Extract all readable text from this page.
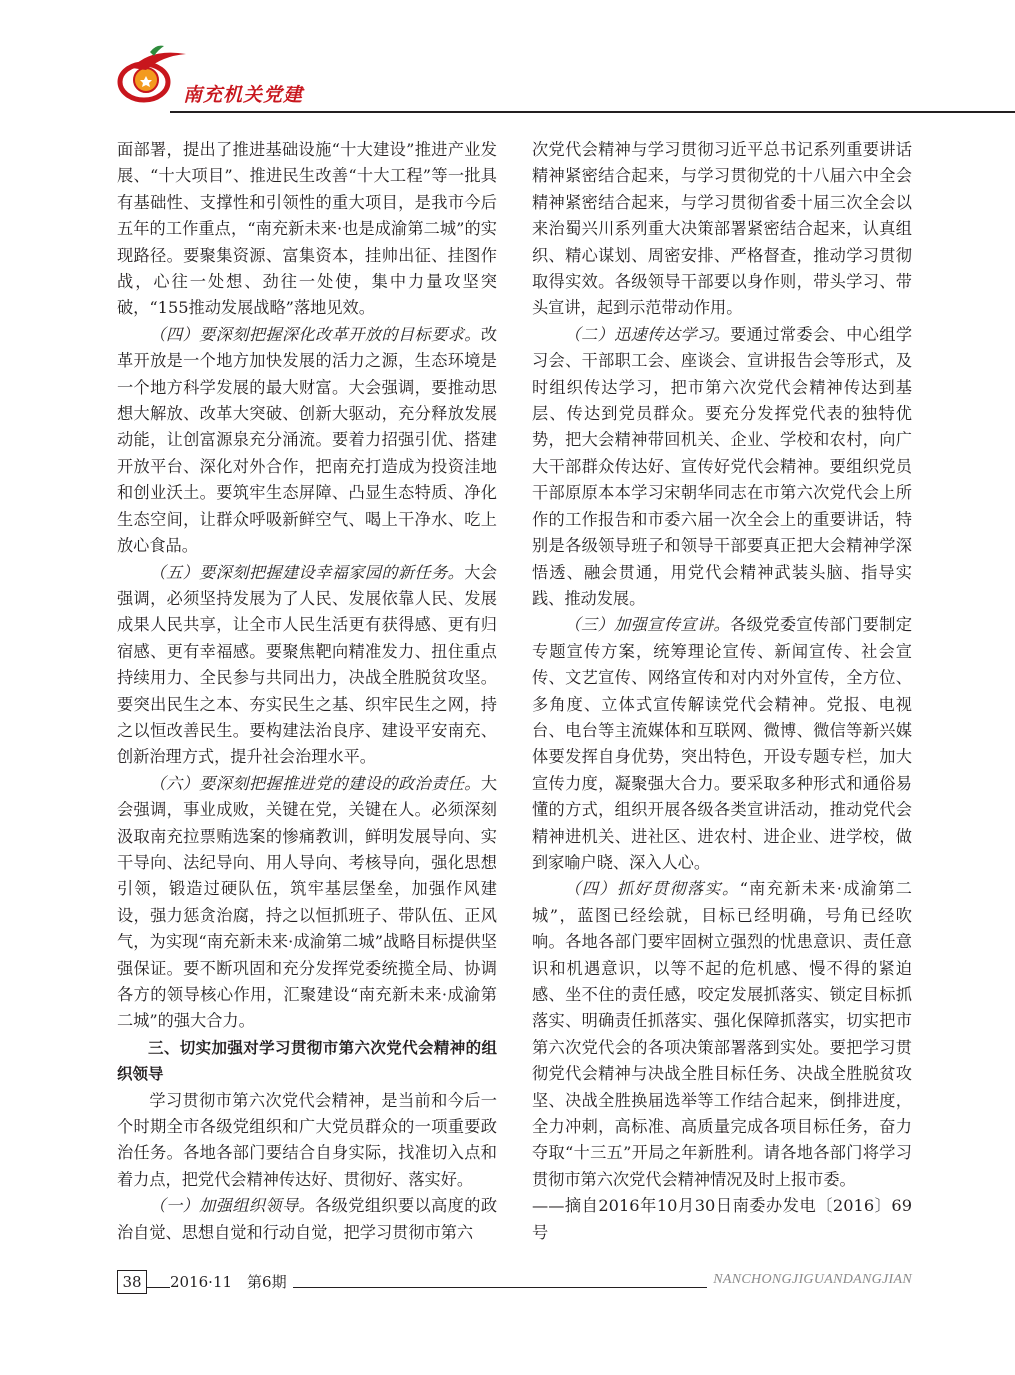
南充机关党建

面部署，提出了推进基础设施“十大建设”推进产业发展、“十大项目”、推进民生改善“十大工程”等一批具有基础性、支撑性和引领性的重大项目，是我市今后五年的工作重点，“南充新未来·也是成渝第二城”的实现路径。要聚集资源、富集资本，挂帅出征、挂图作战，心往一处想、劲往一处使，集中力量攻坚突破，“155推动发展战略”落地见效。

（四）要深刻把握深化改革开放的目标要求。改革开放是一个地方加快发展的活力之源，生态环境是一个地方科学发展的最大财富。大会强调，要推动思想大解放、改革大突破、创新大驱动，充分释放发展动能，让创富源泉充分涌流。要着力招强引优、搭建开放平台、深化对外合作，把南充打造成为投资洼地和创业沃土。要筑牢生态屏障、凸显生态特质、净化生态空间，让群众呼吸新鲜空气、喝上干净水、吃上放心食品。

（五）要深刻把握建设幸福家园的新任务。大会强调，必须坚持发展为了人民、发展依靠人民、发展成果人民共享，让全市人民生活更有获得感、更有归宿感、更有幸福感。要聚焦靶向精准发力、扭住重点持续用力、全民参与共同出力，决战全胜脱贫攻坚。要突出民生之本、夯实民生之基、织牢民生之网，持之以恒改善民生。要构建法治良序、建设平安南充、创新治理方式，提升社会治理水平。

（六）要深刻把握推进党的建设的政治责任。大会强调，事业成败，关键在党，关键在人。必须深刻汲取南充拉票贿选案的惨痛教训，鲜明发展导向、实干导向、法纪导向、用人导向、考核导向，强化思想引领，锻造过硬队伍，筑牢基层堡垒，加强作风建设，强力惩贪治腐，持之以恒抓班子、带队伍、正风气，为实现“南充新未来·成渝第二城”战略目标提供坚强保证。要不断巩固和充分发挥党委统揽全局、协调各方的领导核心作用，汇聚建设“南充新未来·成渝第二城”的强大合力。

三、切实加强对学习贯彻市第六次党代会精神的组织领导

学习贯彻市第六次党代会精神，是当前和今后一个时期全市各级党组织和广大党员群众的一项重要政治任务。各地各部门要结合自身实际，找准切入点和着力点，把党代会精神传达好、贯彻好、落实好。

（一）加强组织领导。各级党组织要以高度的政治自觉、思想自觉和行动自觉，把学习贯彻市第六

次党代会精神与学习贯彻习近平总书记系列重要讲话精神紧密结合起来，与学习贯彻党的十八届六中全会精神紧密结合起来，与学习贯彻省委十届三次全会以来治蜀兴川系列重大决策部署紧密结合起来，认真组织、精心谋划、周密安排、严格督查，推动学习贯彻取得实效。各级领导干部要以身作则，带头学习、带头宣讲，起到示范带动作用。

（二）迅速传达学习。要通过常委会、中心组学习会、干部职工会、座谈会、宣讲报告会等形式，及时组织传达学习，把市第六次党代会精神传达到基层、传达到党员群众。要充分发挥党代表的独特优势，把大会精神带回机关、企业、学校和农村，向广大干部群众传达好、宣传好党代会精神。要组织党员干部原原本本学习宋朝华同志在市第六次党代会上所作的工作报告和市委六届一次全会上的重要讲话，特别是各级领导班子和领导干部要真正把大会精神学深悟透、融会贯通，用党代会精神武装头脑、指导实践、推动发展。

（三）加强宣传宣讲。各级党委宣传部门要制定专题宣传方案，统筹理论宣传、新闻宣传、社会宣传、文艺宣传、网络宣传和对内对外宣传，全方位、多角度、立体式宣传解读党代会精神。党报、电视台、电台等主流媒体和互联网、微博、微信等新兴媒体要发挥自身优势，突出特色，开设专题专栏，加大宣传力度，凝聚强大合力。要采取多种形式和通俗易懂的方式，组织开展各级各类宣讲活动，推动党代会精神进机关、进社区、进农村、进企业、进学校，做到家喻户晓、深入人心。

（四）抓好贯彻落实。“南充新未来·成渝第二城”，蓝图已经绘就，目标已经明确，号角已经吹响。各地各部门要牢固树立强烈的忧患意识、责任意识和机遇意识，以等不起的危机感、慢不得的紧迫感、坐不住的责任感，咬定发展抓落实、锁定目标抓落实、明确责任抓落实、强化保障抓落实，切实把市第六次党代会的各项决策部署落到实处。要把学习贯彻党代会精神与决战全胜目标任务、决战全胜脱贫攻坚、决战全胜换届选举等工作结合起来，倒排进度，全力冲刺，高标准、高质量完成各项目标任务，奋力夺取“十三五”开局之年新胜利。请各地各部门将学习贯彻市第六次党代会精神情况及时上报市委。

——摘自2016年10月30日南委办发电〔2016〕69号

38	2016·11　第6期	NANCHONGJIGUANDANGJIAN
